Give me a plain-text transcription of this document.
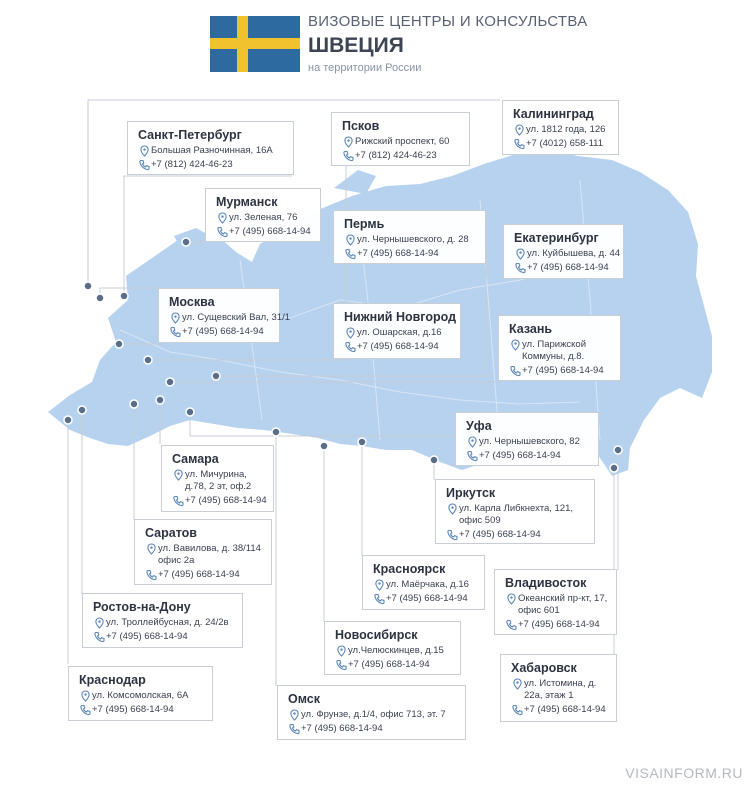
ВИЗОВЫЕ ЦЕНТРЫ И КОНСУЛЬСТВА
ШВЕЦИЯ
на территории России
Санкт-Петербург
Большая Разночинная, 16А
+7 (812) 424-46-23
Псков
Рижский проспект, 60
+7 (812) 424-46-23
Калининград
ул. 1812 года, 126
+7 (4012) 658-111
Мурманск
ул. Зеленая, 76
+7 (495) 668-14-94
Пермь
ул. Чернышевского, д. 28
+7 (495) 668-14-94
Екатеринбург
ул. Куйбышева, д. 44
+7 (495) 668-14-94
Москва
ул. Сущевский Вал, 31/1
+7 (495) 668-14-94
Нижний Новгород
ул. Ошарская, д.16
+7 (495) 668-14-94
Казань
ул. Парижской Коммуны, д.8.
+7 (495) 668-14-94
Уфа
ул. Чернышевского, 82
+7 (495) 668-14-94
Самара
ул. Мичурина, д.78, 2 эт, оф.2
+7 (495) 668-14-94
Иркутск
ул. Карла Либкнехта, 121, офис 509
+7 (495) 668-14-94
Саратов
ул. Вавилова, д. 38/114 офис 2а
+7 (495) 668-14-94	Красноярск
ул. Маёрчака, д.16
+7 (495) 668-14-94
Владивосток
Океанский пр-кт, 17, офис 601
+7 (495) 668-14-94
Ростов-на-Дону
ул. Троллейбусная, д. 24/2в
+7 (495) 668-14-94	Новосибирск
ул.Челюскинцев, д.15
+7 (495) 668-14-94	Хабаровск
ул. Истомина, д. 22а, этаж 1
+7 (495) 668-14-94
Краснодар
ул. Комсомолская, 6А
+7 (495) 668-14-94
Омск
ул. Фрунзе, д.1/4, офис 713, эт. 7
+7 (495) 668-14-94
VISAINFORM.RU
